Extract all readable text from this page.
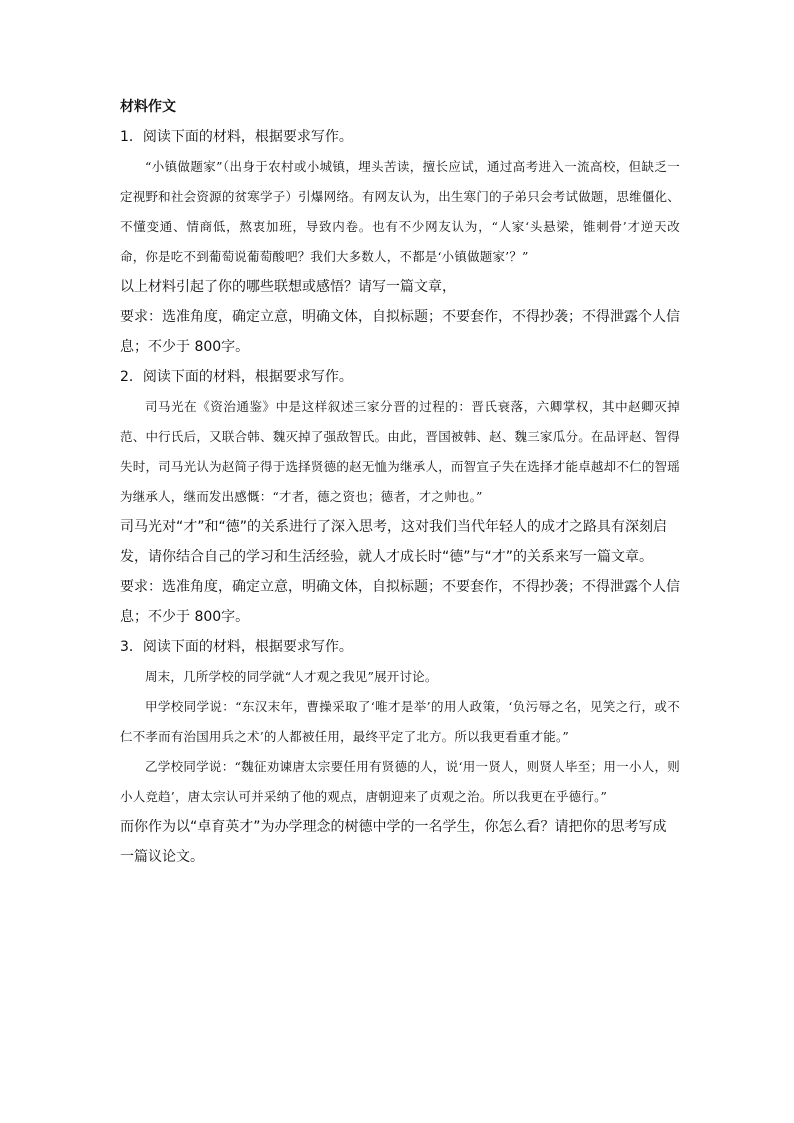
材料作文

1．阅读下面的材料，根据要求写作。

“小镇做题家”（出身于农村或小城镇，埋头苦读，擅长应试，通过高考进入一流高校，但缺乏一定视野和社会资源的贫寒学子）引爆网络。有网友认为，出生寒门的子弟只会考试做题，思维僵化、不懂变通、情商低，熬衷加班，导致内卷。也有不少网友认为，“人家‘头悬梁，锥刺骨’才逆天改命，你是吃不到葡萄说葡萄酸吧？我们大多数人，不都是‘小镇做题家’？”

以上材料引起了你的哪些联想或感悟？请写一篇文章，

要求：选准角度，确定立意，明确文体，自拟标题；不要套作，不得抄袭；不得泄露个人信息；不少于 800字。

2．阅读下面的材料，根据要求写作。

司马光在《资治通鉴》中是这样叙述三家分晋的过程的：晋氏衰落，六卿掌权，其中赵卿灭掉范、中行氏后，又联合韩、魏灭掉了强敌智氏。由此，晋国被韩、赵、魏三家瓜分。在品评赵、智得失时，司马光认为赵简子得于选择贤德的赵无恤为继承人，而智宣子失在选择才能卓越却不仁的智瑶为继承人，继而发出感慨：“才者，德之资也；德者，才之帅也。”

司马光对“才”和“德”的关系进行了深入思考，这对我们当代年轻人的成才之路具有深刻启发，请你结合自己的学习和生活经验，就人才成长时“德”与“才”的关系来写一篇文章。

要求：选准角度，确定立意，明确文体，自拟标题；不要套作，不得抄袭；不得泄露个人信息；不少于 800字。

3．阅读下面的材料，根据要求写作。

周末，几所学校的同学就“人才观之我见”展开讨论。

甲学校同学说：“东汉末年，曹操采取了‘唯才是举’的用人政策，‘负污辱之名，见笑之行，或不仁不孝而有治国用兵之术’的人都被任用，最终平定了北方。所以我更看重才能。”

乙学校同学说：“魏征劝谏唐太宗要任用有贤德的人，说‘用一贤人，则贤人毕至；用一小人，则小人竞趋’，唐太宗认可并采纳了他的观点，唐朝迎来了贞观之治。所以我更在乎德行。”

而你作为以“卓育英才”为办学理念的树德中学的一名学生，你怎么看？请把你的思考写成一篇议论文。
